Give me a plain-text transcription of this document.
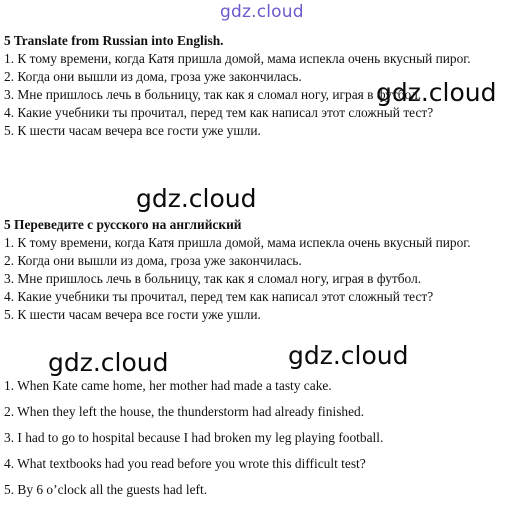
gdz.cloud
5 Translate from Russian into English.
1. К тому времени, когда Катя пришла домой, мама испекла очень вкусный пирог.
2. Когда они вышли из дома, гроза уже закончилась.
3. Мне пришлось лечь в больницу, так как я сломал ногу, играя в футбол.
4. Какие учебники ты прочитал, перед тем как написал этот сложный тест?
5. К шести часам вечера все гости уже ушли.
gdz.cloud
gdz.cloud
5 Переведите с русского на английский
1. К тому времени, когда Катя пришла домой, мама испекла очень вкусный пирог.
2. Когда они вышли из дома, гроза уже закончилась.
3. Мне пришлось лечь в больницу, так как я сломал ногу, играя в футбол.
4. Какие учебники ты прочитал, перед тем как написал этот сложный тест?
5. К шести часам вечера все гости уже ушли.
gdz.cloud	gdz.cloud
1. When Kate came home, her mother had made a tasty cake.
2. When they left the house, the thunderstorm had already finished.
3. I had to go to hospital because I had broken my leg playing football.
4. What textbooks had you read before you wrote this difficult test?
5. By 6 o’clock all the guests had left.
